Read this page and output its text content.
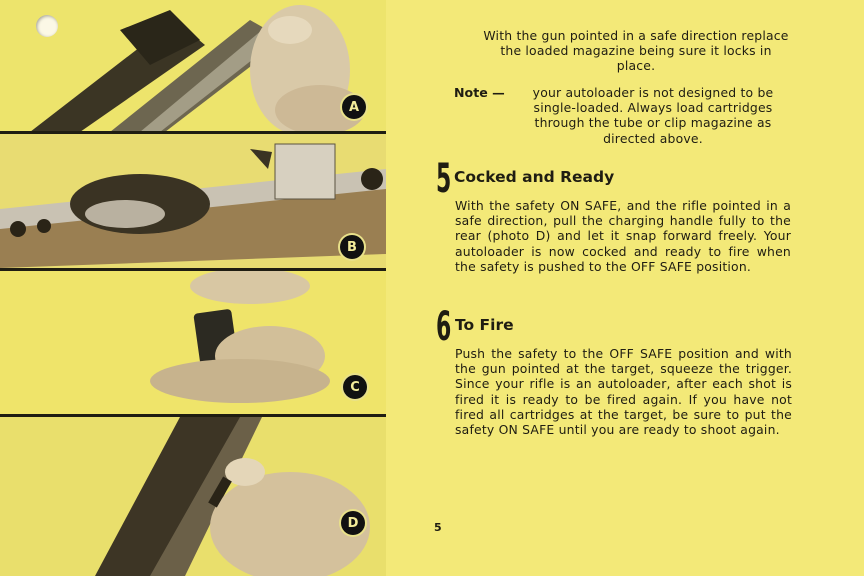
A
B
C
D
With the gun pointed in a safe direction replace the loaded magazine being sure it locks in place.
Note —	your autoloader is not designed to be single-loaded. Always load cartridges through the tube or clip magazine as directed above.
5 Cocked and Ready
With the safety ON SAFE, and the rifle pointed in a safe direction, pull the charging handle fully to the rear (photo D) and let it snap forward freely. Your autoloader is now cocked and ready to fire when the safety is pushed to the OFF SAFE position.
6 To Fire
Push the safety to the OFF SAFE position and with the gun pointed at the target, squeeze the trigger. Since your rifle is an autoloader, after each shot is fired it is ready to be fired again. If you have not fired all cartridges at the target, be sure to put the safety ON SAFE until you are ready to shoot again.
5
